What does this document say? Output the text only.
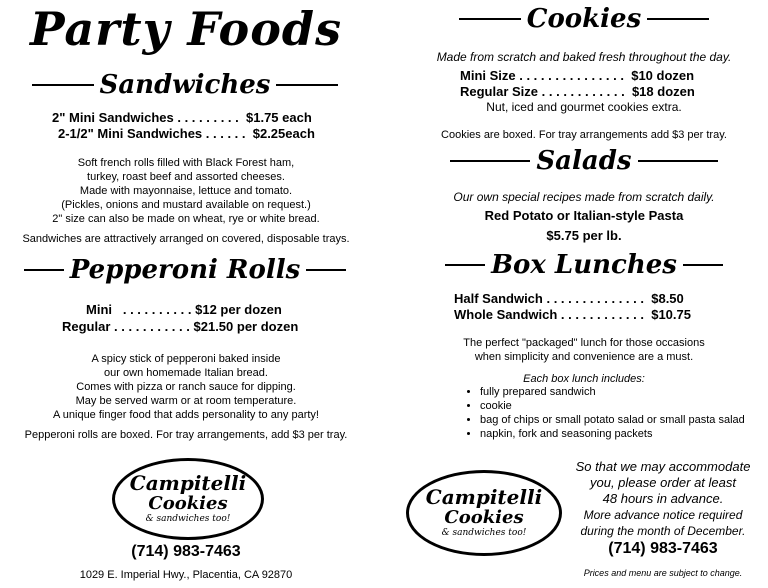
Party Foods
Sandwiches
2" Mini Sandwiches . . . . . . . . . $1.75 each
2-1/2" Mini Sandwiches . . . . . . $2.25each
Soft french rolls filled with Black Forest ham,
turkey, roast beef and assorted cheeses.
Made with mayonnaise, lettuce and tomato.
(Pickles, onions and mustard available on request.)
2" size can also be made on wheat, rye or white bread.
Sandwiches are attractively arranged on covered, disposable trays.
Pepperoni Rolls
Mini   . . . . . . . . . . $12 per dozen
Regular . . . . . . . . . . . $21.50 per dozen
A spicy stick of pepperoni baked inside
our own homemade Italian bread.
Comes with pizza or ranch sauce for dipping.
May be served warm or at room temperature.
A unique finger food that adds personality to any party!
Pepperoni rolls are boxed. For tray arrangements, add $3 per tray.
Campitelli
Cookies
& sandwiches too!
(714) 983-7463
1029 E. Imperial Hwy., Placentia, CA 92870
Cookies
Made from scratch and baked fresh throughout the day.
Mini Size . . . . . . . . . . . . . . . $10 dozen
Regular Size . . . . . . . . . . . . $18 dozen
Nut, iced and gourmet cookies extra.
Cookies are boxed. For tray arrangements add $3 per tray.
Salads
Our own special recipes made from scratch daily.
Red Potato or Italian-style Pasta
$5.75 per lb.
Box Lunches
Half Sandwich . . . . . . . . . . . . . . $8.50
Whole Sandwich . . . . . . . . . . . . $10.75
The perfect "packaged" lunch for those occasions
when simplicity and convenience are a must.
Each box lunch includes:
• fully prepared sandwich
• cookie
• bag of chips or small potato salad or small pasta salad
• napkin, fork and seasoning packets
Campitelli
Cookies
& sandwiches too!
So that we may accommodate
you, please order at least
48 hours in advance.
More advance notice required
during the month of December.
(714) 983-7463
Prices and menu are subject to change.
